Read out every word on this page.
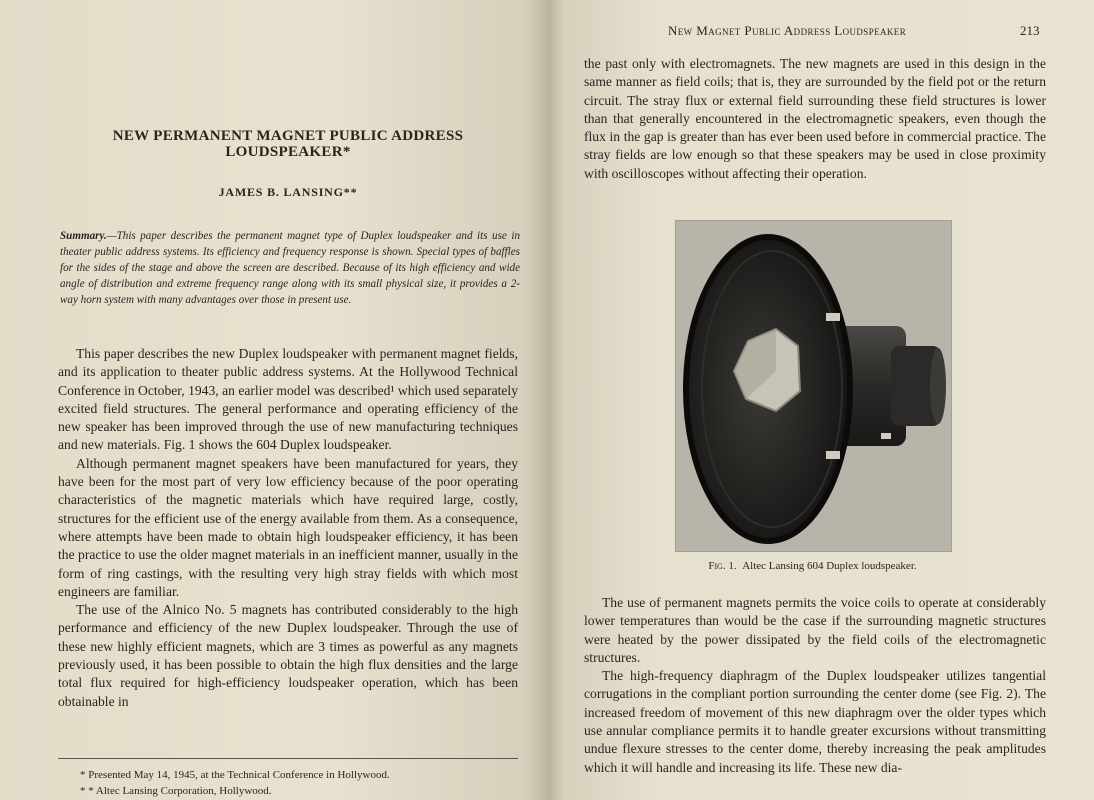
NEW PERMANENT MAGNET PUBLIC ADDRESS
LOUDSPEAKER*
JAMES B. LANSING**
Summary.—This paper describes the permanent magnet type of Duplex loudspeaker and its use in theater public address systems. Its efficiency and frequency response is shown. Special types of baffles for the sides of the stage and above the screen are described. Because of its high efficiency and wide angle of distribution and extreme frequency range along with its small physical size, it provides a 2-way horn system with many advantages over those in present use.

This paper describes the new Duplex loudspeaker with permanent magnet fields, and its application to theater public address systems. At the Hollywood Technical Conference in October, 1943, an earlier model was described¹ which used separately excited field structures. The general performance and operating efficiency of the new speaker has been improved through the use of new manufacturing techniques and new materials. Fig. 1 shows the 604 Duplex loudspeaker.

Although permanent magnet speakers have been manufactured for years, they have been for the most part of very low efficiency because of the poor operating characteristics of the magnetic materials which have required large, costly, structures for the efficient use of the energy available from them. As a consequence, where attempts have been made to obtain high loudspeaker efficiency, it has been the practice to use the older magnet materials in an inefficient manner, usually in the form of ring castings, with the resulting very high stray fields with which most engineers are familiar.

The use of the Alnico No. 5 magnets has contributed considerably to the high performance and efficiency of the new Duplex loudspeaker. Through the use of these new highly efficient magnets, which are 3 times as powerful as any magnets previously used, it has been possible to obtain the high flux densities and the large total flux required for high-efficiency loudspeaker operation, which has been obtainable in

* Presented May 14, 1945, at the Technical Conference in Hollywood.
* * Altec Lansing Corporation, Hollywood.
New Magnet Public Address Loudspeaker	213

the past only with electromagnets. The new magnets are used in this design in the same manner as field coils; that is, they are surrounded by the field pot or the return circuit. The stray flux or external field surrounding these field structures is lower than that generally encountered in the electromagnetic speakers, even though the flux in the gap is greater than has ever been used before in commercial practice. The stray fields are low enough so that these speakers may be used in close proximity with oscilloscopes without affecting their operation.

Fig. 1. Altec Lansing 604 Duplex loudspeaker.

The use of permanent magnets permits the voice coils to operate at considerably lower temperatures than would be the case if the surrounding magnetic structures were heated by the power dissipated by the field coils of the electromagnetic structures.

The high-frequency diaphragm of the Duplex loudspeaker utilizes tangential corrugations in the compliant portion surrounding the center dome (see Fig. 2). The increased freedom of movement of this new diaphragm over the older types which use annular compliance permits it to handle greater excursions without transmitting undue flexure stresses to the center dome, thereby increasing the peak amplitudes which it will handle and increasing its life. These new dia-
